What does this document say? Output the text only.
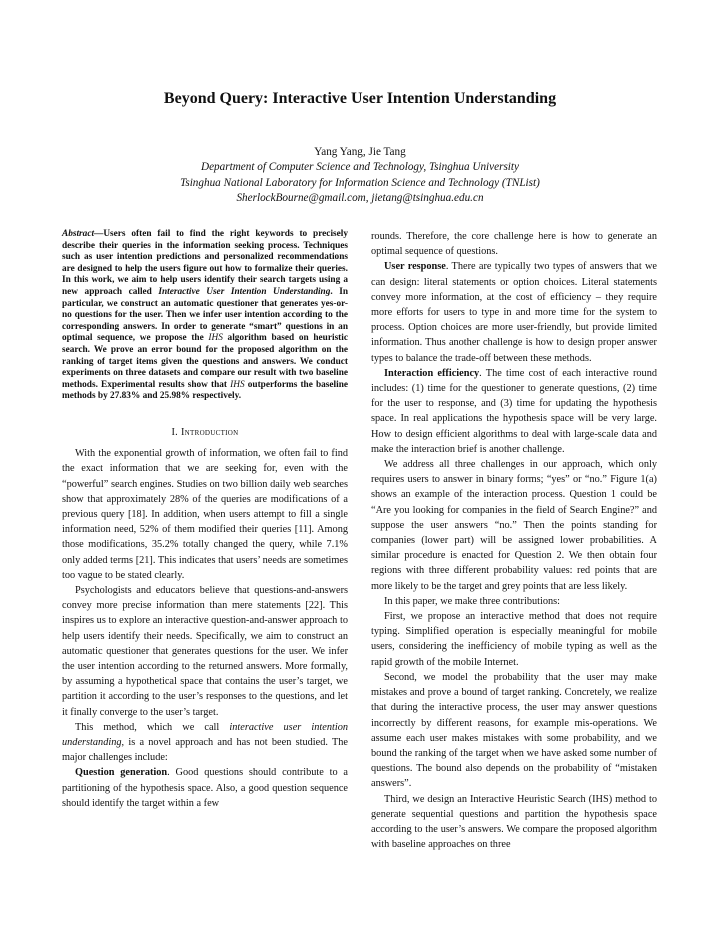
Beyond Query: Interactive User Intention Understanding
Yang Yang, Jie Tang
Department of Computer Science and Technology, Tsinghua University
Tsinghua National Laboratory for Information Science and Technology (TNList)
SherlockBourne@gmail.com, jietang@tsinghua.edu.cn
Abstract—Users often fail to find the right keywords to precisely describe their queries in the information seeking process. Techniques such as user intention predictions and personalized recommendations are designed to help the users figure out how to formalize their queries. In this work, we aim to help users identify their search targets using a new approach called Interactive User Intention Understanding. In particular, we construct an automatic questioner that generates yes-or-no questions for the user. Then we infer user intention according to the corresponding answers. In order to generate “smart” questions in an optimal sequence, we propose the IHS algorithm based on heuristic search. We prove an error bound for the proposed algorithm on the ranking of target items given the questions and answers. We conduct experiments on three datasets and compare our result with two baseline methods. Experimental results show that IHS outperforms the baseline methods by 27.83% and 25.98% respectively.
I. Introduction

With the exponential growth of information, we often fail to find the exact information that we are seeking for, even with the “powerful” search engines. Studies on two billion daily web searches show that approximately 28% of the queries are modifications of a previous query [18]. In addition, when users attempt to fill a single information need, 52% of them modified their queries [11]. Among those modifications, 35.2% totally changed the query, while 7.1% only added terms [21]. This indicates that users’ needs are sometimes too vague to be stated clearly.

Psychologists and educators believe that questions-and-answers convey more precise information than mere statements [22]. This inspires us to explore an interactive question-and-answer approach to help users identify their needs. Specifically, we aim to construct an automatic questioner that generates questions for the user. We infer the user intention according to the returned answers. More formally, by assuming a hypothetical space that contains the user’s target, we partition it according to the user’s responses to the questions, and let it finally converge to the user’s target.

This method, which we call interactive user intention understanding, is a novel approach and has not been studied. The major challenges include:

Question generation. Good questions should contribute to a partitioning of the hypothesis space. Also, a good question sequence should identify the target within a few

rounds. Therefore, the core challenge here is how to generate an optimal sequence of questions.

User response. There are typically two types of answers that we can design: literal statements or option choices. Literal statements convey more information, at the cost of efficiency – they require more efforts for users to type in and more time for the system to process. Option choices are more user-friendly, but provide limited information. Thus another challenge is how to design proper answer types to balance the trade-off between these methods.

Interaction efficiency. The time cost of each interactive round includes: (1) time for the questioner to generate questions, (2) time for the user to response, and (3) time for updating the hypothesis space. In real applications the hypothesis space will be very large. How to design efficient algorithms to deal with large-scale data and make the interaction brief is another challenge.

We address all three challenges in our approach, which only requires users to answer in binary forms; “yes” or “no.” Figure 1(a) shows an example of the interaction process. Question 1 could be “Are you looking for companies in the field of Search Engine?” and suppose the user answers “no.” Then the points standing for companies (lower part) will be assigned lower probabilities. A similar procedure is enacted for Question 2. We then obtain four regions with three different probability values: red points that are more likely to be the target and grey points that are less likely.

In this paper, we make three contributions:

First, we propose an interactive method that does not require typing. Simplified operation is especially meaningful for mobile users, considering the inefficiency of mobile typing as well as the rapid growth of the mobile Internet.

Second, we model the probability that the user may make mistakes and prove a bound of target ranking. Concretely, we realize that during the interactive process, the user may answer questions incorrectly by different reasons, for example mis-operations. We assume each user makes mistakes with some probability, and we bound the ranking of the target when we have asked some number of questions. The bound also depends on the probability of “mistaken answers”.

Third, we design an Interactive Heuristic Search (IHS) method to generate sequential questions and partition the hypothesis space according to the user’s answers. We compare the proposed algorithm with baseline approaches on three
